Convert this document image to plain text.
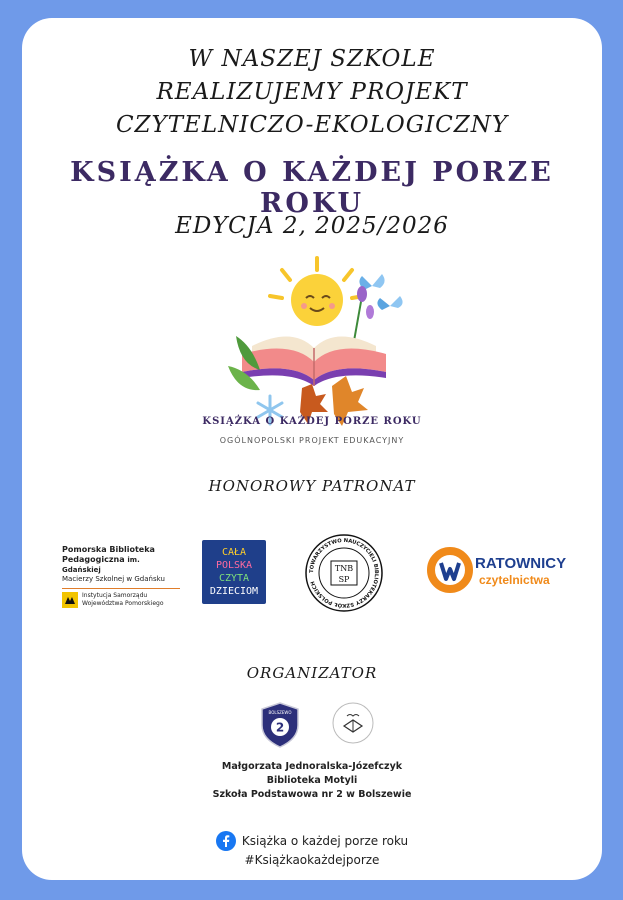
W NASZEJ SZKOLE
REALIZUJEMY PROJEKT
CZYTELNICZO-EKOLOGICZNY
KSIĄŻKA O KAŻDEJ PORZE ROKU
EDYCJA 2, 2025/2026
KSIĄŻKA O KAŻDEJ PORZE ROKU
OGÓLNOPOLSKI PROJEKT EDUKACYJNY
HONOROWY PATRONAT
Pomorska Biblioteka
Pedagogiczna im. Gdańskiej
Macierzy Szkolnej w Gdańsku
Instytucja Samorządu
Województwa Pomorskiego
CAŁA
POLSKA
CZYTA
DZIECIOM
TOWARZYSTWO NAUCZYCIELI BIBLIOTEKARZY SZKÓŁ POLSKICH
TNB
SP
RATOWNICY
czytelnictwa
ORGANIZATOR
BOLSZEWO
2
Małgorzata Jednoralska-Józefczyk
Biblioteka Motyli
Szkoła Podstawowa nr 2 w Bolszewie
Książka o każdej porze roku
#Książkaokażdejporze
